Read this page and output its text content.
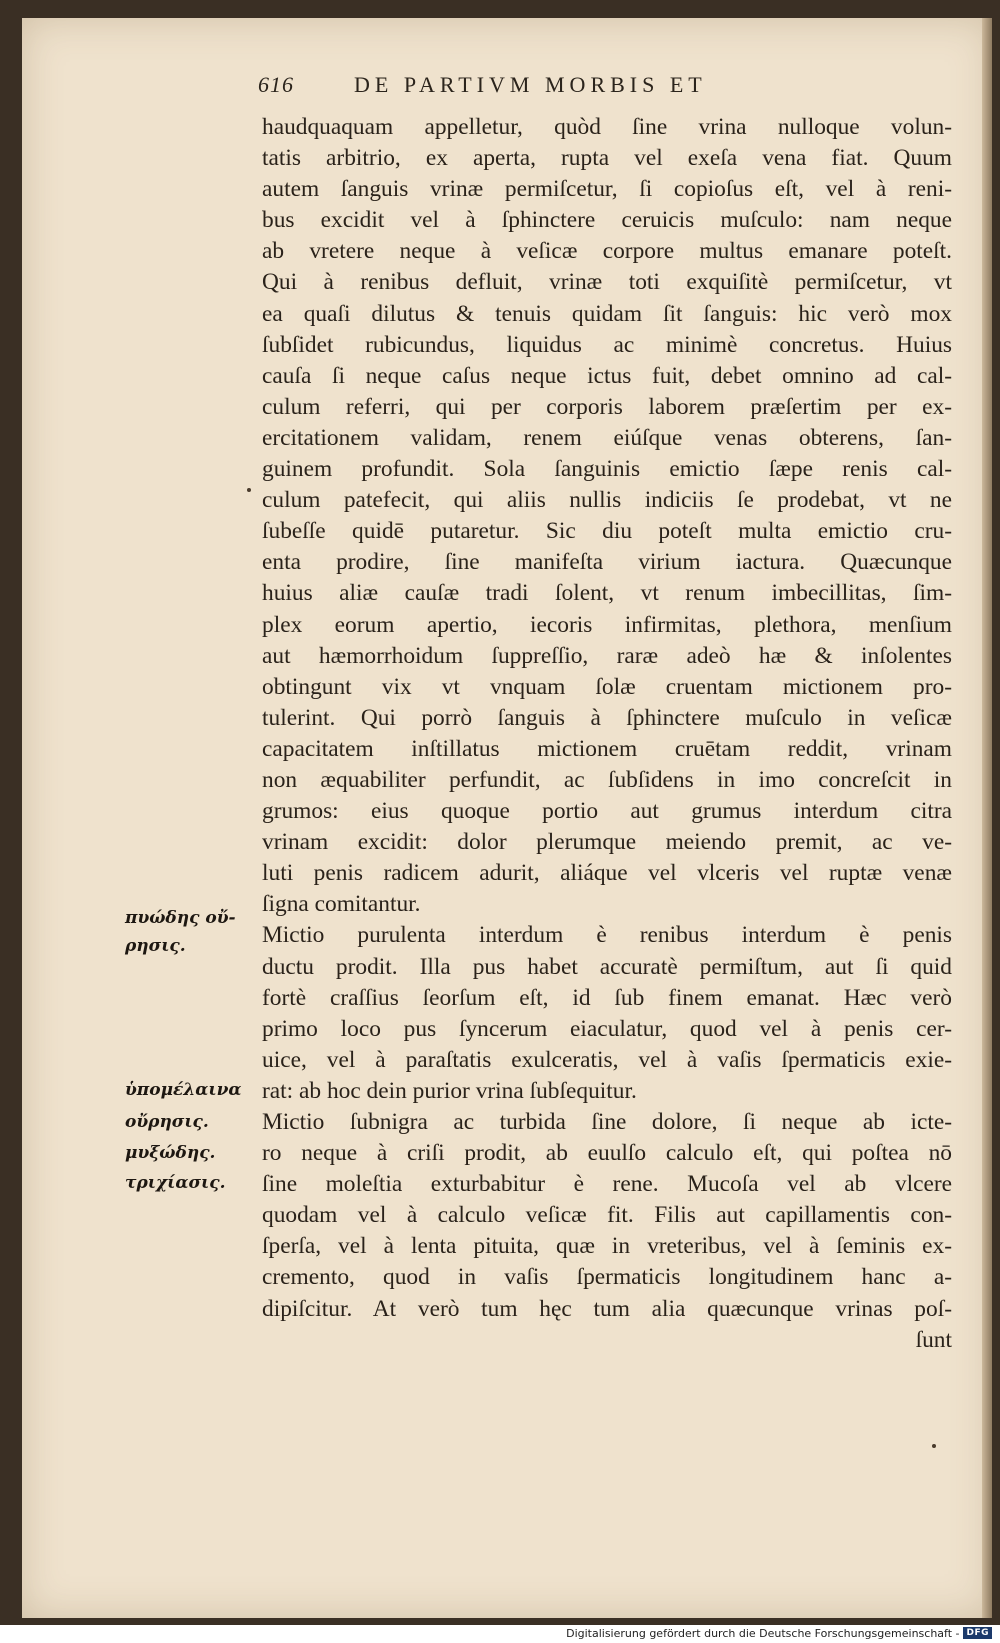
616	DE PARTIVM MORBIS ET
πυώδης οὔ-
ρησις.
ὑπομέλαινα
οὔρησις.
μυξώδης.
τριχίασις.
haudquaquam appelletur, quòd ſine vrina nulloque volun-
tatis arbitrio, ex aperta, rupta vel exeſa vena fiat. Quum
autem ſanguis vrinæ permiſcetur, ſi copioſus eſt, vel à reni-
bus excidit vel à ſphinctere ceruicis muſculo: nam neque
ab vretere neque à veſicæ corpore multus emanare poteſt.
Qui à renibus defluit, vrinæ toti exquiſitè permiſcetur, vt
ea quaſi dilutus & tenuis quidam ſit ſanguis: hic verò mox
ſubſidet rubicundus, liquidus ac minimè concretus. Huius
cauſa ſi neque caſus neque ictus fuit, debet omnino ad cal-
culum referri, qui per corporis laborem præſertim per ex-
ercitationem validam, renem eiúſque venas obterens, ſan-
guinem profundit. Sola ſanguinis emictio ſæpe renis cal-
culum patefecit, qui aliis nullis indiciis ſe prodebat, vt ne
ſubeſſe quidē putaretur. Sic diu poteſt multa emictio cru-
enta prodire, ſine manifeſta virium iactura. Quæcunque
huius aliæ cauſæ tradi ſolent, vt renum imbecillitas, ſim-
plex eorum apertio, iecoris infirmitas, plethora, menſium
aut hæmorrhoidum ſuppreſſio, raræ adeò hæ & inſolentes
obtingunt vix vt vnquam ſolæ cruentam mictionem pro-
tulerint. Qui porrò ſanguis à ſphinctere muſculo in veſicæ
capacitatem inſtillatus mictionem cruētam reddit, vrinam
non æquabiliter perfundit, ac ſubſidens in imo concreſcit in
grumos: eius quoque portio aut grumus interdum citra
vrinam excidit: dolor plerumque meiendo premit, ac ve-
luti penis radicem adurit, aliáque vel vlceris vel ruptæ venæ
ſigna comitantur.
Mictio purulenta interdum è renibus interdum è penis
ductu prodit. Illa pus habet accuratè permiſtum, aut ſi quid
fortè craſſius ſeorſum eſt, id ſub finem emanat. Hæc verò
primo loco pus ſyncerum eiaculatur, quod vel à penis cer-
uice, vel à paraſtatis exulceratis, vel à vaſis ſpermaticis exie-
rat: ab hoc dein purior vrina ſubſequitur.
Mictio ſubnigra ac turbida ſine dolore, ſi neque ab icte-
ro neque à criſi prodit, ab euulſo calculo eſt, qui poſtea nō
ſine moleſtia exturbabitur è rene. Mucoſa vel ab vlcere
quodam vel à calculo veſicæ fit. Filis aut capillamentis con-
ſperſa, vel à lenta pituita, quæ in vreteribus, vel à ſeminis ex-
cremento, quod in vaſis ſpermaticis longitudinem hanc a-
dipiſcitur. At verò tum hęc tum alia quæcunque vrinas poſ-
ſunt
Digitalisierung gefördert durch die Deutsche Forschungsgemeinschaft - DFG
